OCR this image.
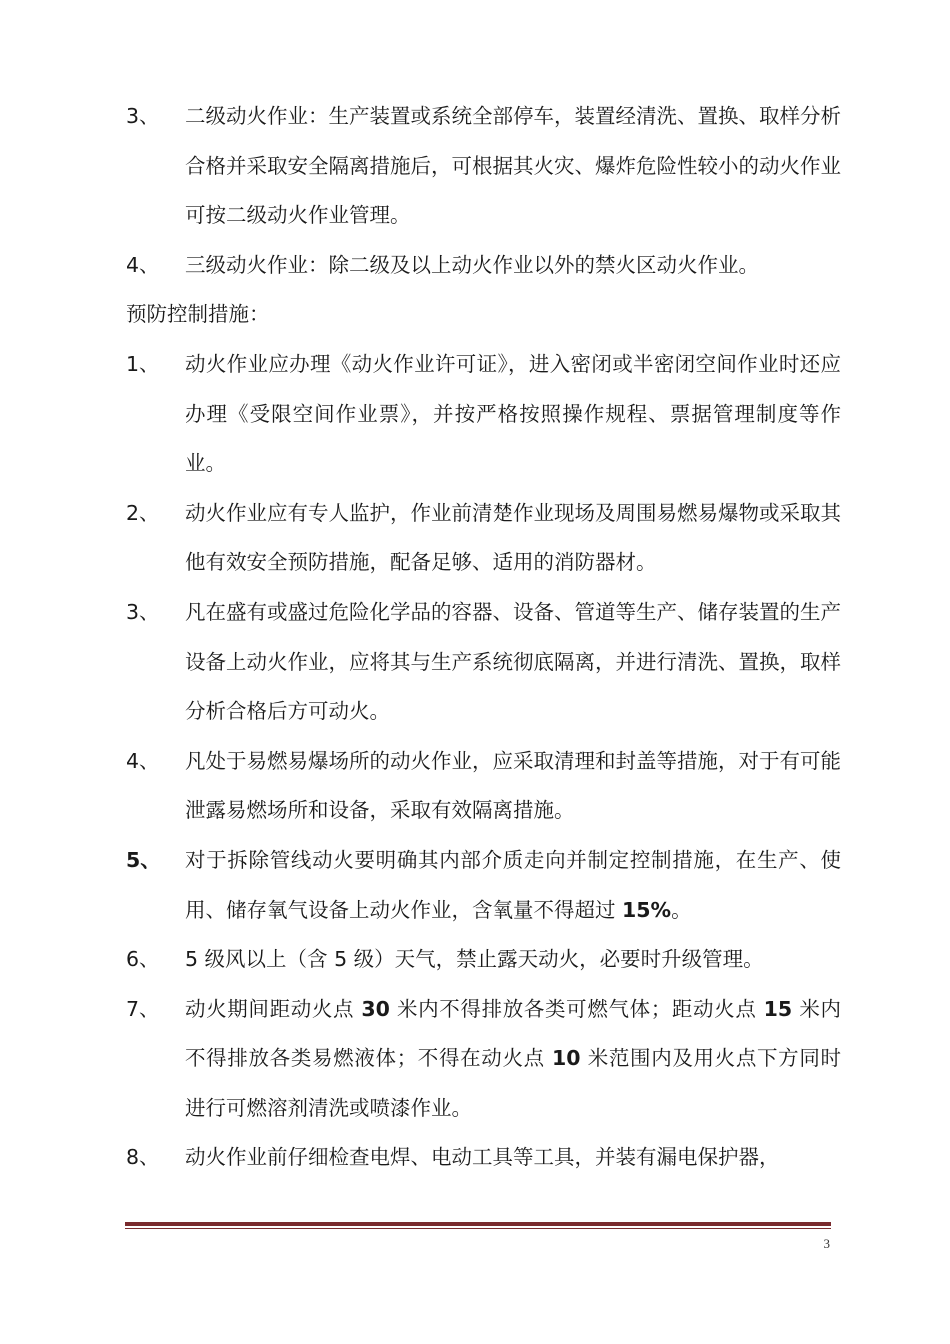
3、	二级动火作业：生产装置或系统全部停车，装置经清洗、置换、取样分析合格并采取安全隔离措施后，可根据其火灾、爆炸危险性较小的动火作业可按二级动火作业管理。
4、	三级动火作业：除二级及以上动火作业以外的禁火区动火作业。
预防控制措施：
1、	动火作业应办理《动火作业许可证》，进入密闭或半密闭空间作业时还应办理《受限空间作业票》，并按严格按照操作规程、票据管理制度等作业。
2、	动火作业应有专人监护，作业前清楚作业现场及周围易燃易爆物或采取其他有效安全预防措施，配备足够、适用的消防器材。
3、	凡在盛有或盛过危险化学品的容器、设备、管道等生产、储存装置的生产设备上动火作业，应将其与生产系统彻底隔离，并进行清洗、置换，取样分析合格后方可动火。
4、	凡处于易燃易爆场所的动火作业，应采取清理和封盖等措施，对于有可能泄露易燃场所和设备，采取有效隔离措施。
5、	对于拆除管线动火要明确其内部介质走向并制定控制措施，在生产、使用、储存氧气设备上动火作业，含氧量不得超过 15%。
6、	5 级风以上（含 5 级）天气，禁止露天动火，必要时升级管理。
7、	动火期间距动火点 30 米内不得排放各类可燃气体；距动火点 15 米内不得排放各类易燃液体；不得在动火点 10 米范围内及用火点下方同时进行可燃溶剂清洗或喷漆作业。
8、	动火作业前仔细检查电焊、电动工具等工具，并装有漏电保护器，
3
